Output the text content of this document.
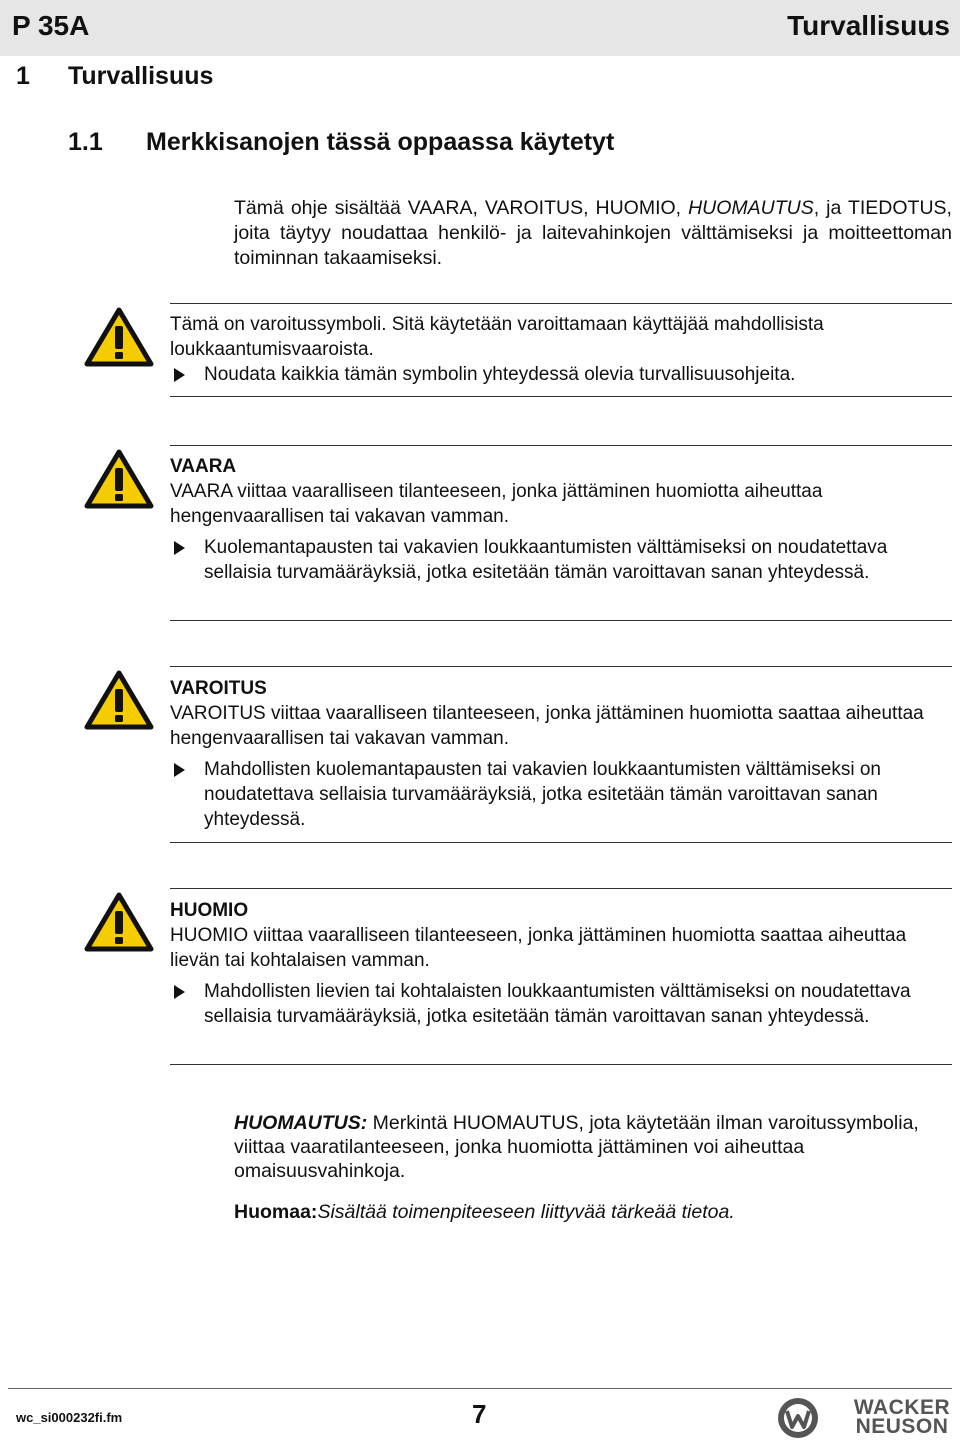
P 35A	Turvallisuus
1 Turvallisuus
1.1 Merkkisanojen tässä oppaassa käytetyt
Tämä ohje sisältää VAARA, VAROITUS, HUOMIO, HUOMAUTUS, ja TIEDOTUS, joita täytyy noudattaa henkilö- ja laitevahinkojen välttämiseksi ja moitteettoman toiminnan takaamiseksi.
Tämä on varoitussymboli. Sitä käytetään varoittamaan käyttäjää mahdollisista loukkaantumisvaaroista.
Noudata kaikkia tämän symbolin yhteydessä olevia turvallisuusohjeita.
VAARA
VAARA viittaa vaaralliseen tilanteeseen, jonka jättäminen huomiotta aiheuttaa hengenvaarallisen tai vakavan vamman.
Kuolemantapausten tai vakavien loukkaantumisten välttämiseksi on noudatettava sellaisia turvamääräyksiä, jotka esitetään tämän varoittavan sanan yhteydessä.
VAROITUS
VAROITUS viittaa vaaralliseen tilanteeseen, jonka jättäminen huomiotta saattaa aiheuttaa hengenvaarallisen tai vakavan vamman.
Mahdollisten kuolemantapausten tai vakavien loukkaantumisten välttämiseksi on noudatettava sellaisia turvamääräyksiä, jotka esitetään tämän varoittavan sanan yhteydessä.
HUOMIO
HUOMIO viittaa vaaralliseen tilanteeseen, jonka jättäminen huomiotta saattaa aiheuttaa lievän tai kohtalaisen vamman.
Mahdollisten lievien tai kohtalaisten loukkaantumisten välttämiseksi on noudatettava sellaisia turvamääräyksiä, jotka esitetään tämän varoittavan sanan yhteydessä.
HUOMAUTUS: Merkintä HUOMAUTUS, jota käytetään ilman varoitussymbolia, viittaa vaaratilanteeseen, jonka huomiotta jättäminen voi aiheuttaa omaisuusvahinkoja.
Huomaa:Sisältää toimenpiteeseen liittyvää tärkeää tietoa.
wc_si000232fi.fm	7	WACKER
NEUSON
